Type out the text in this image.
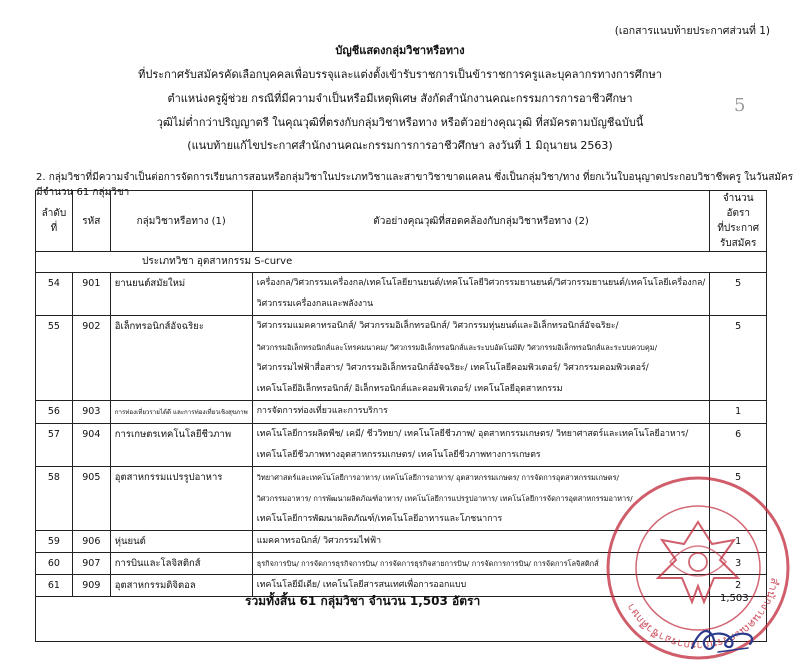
(เอกสารแนบท้ายประกาศส่วนที่ 1)
บัญชีแสดงกลุ่มวิชาหรือทาง
ที่ประกาศรับสมัครคัดเลือกบุคคลเพื่อบรรจุและแต่งตั้งเข้ารับราชการเป็นข้าราชการครูและบุคลากรทางการศึกษา
ตำแหน่งครูผู้ช่วย กรณีที่มีความจำเป็นหรือมีเหตุพิเศษ สังกัดสำนักงานคณะกรรมการการอาชีวศึกษา
วุฒิไม่ต่ำกว่าปริญญาตรี ในคุณวุฒิที่ตรงกับกลุ่มวิชาหรือทาง หรือตัวอย่างคุณวุฒิ ที่สมัครตามบัญชีฉบับนี้
(แนบท้ายแก้ไขประกาศสำนักงานคณะกรรมการการอาชีวศึกษา ลงวันที่ 1 มิถุนายน 2563)
5
2. กลุ่มวิชาที่มีความจำเป็นต่อการจัดการเรียนการสอนหรือกลุ่มวิชาในประเภทวิชาและสาขาวิชาขาดแคลน ซึ่งเป็นกลุ่มวิชา/ทาง ที่ยกเว้นใบอนุญาตประกอบวิชาชีพครู ในวันสมัคร มีจำนวน 61 กลุ่มวิชา
ลำดับที่	รหัส	กลุ่มวิชาหรือทาง (1)	ตัวอย่างคุณวุฒิที่สอดคล้องกับกลุ่มวิชาหรือทาง (2)	จำนวนอัตรา
ที่ประกาศรับสมัคร

ประเภทวิชา อุตสาหกรรม S-curve				

54	901	ยานยนต์สมัยใหม่	เครื่องกล/วิศวกรรมเครื่องกล/เทคโนโลยียานยนต์/เทคโนโลยีวิศวกรรมยานยนต์/วิศวกรรมยานยนต์/เทคโนโลยีเครื่องกล/
วิศวกรรมเครื่องกลและพลังงาน	5
55	902	อิเล็กทรอนิกส์อัจฉริยะ	วิศวกรรมแมคคาทรอนิกส์/ วิศวกรรมอิเล็กทรอนิกส์/ วิศวกรรมหุ่นยนต์และอิเล็กทรอนิกส์อัจฉริยะ/
วิศวกรรมอิเล็กทรอนิกส์และโทรคมนาคม/ วิศวกรรมอิเล็กทรอนิกส์และระบบอัตโนมัติ/ วิศวกรรมอิเล็กทรอนิกส์และระบบควบคุม/
วิศวกรรมไฟฟ้าสื่อสาร/ วิศวกรรมอิเล็กทรอนิกส์อัจฉริยะ/ เทคโนโลยีคอมพิวเตอร์/ วิศวกรรมคอมพิวเตอร์/
เทคโนโลยีอิเล็กทรอนิกส์/ อิเล็กทรอนิกส์และคอมพิวเตอร์/ เทคโนโลยีอุตสาหกรรม	5
56	903	การท่องเที่ยวรายได้ดี และการท่องเที่ยวเชิงสุขภาพ	การจัดการท่องเที่ยวและการบริการ	1
57	904	การเกษตรเทคโนโลยีชีวภาพ	เทคโนโลยีการผลิตพืช/ เคมี/ ชีววิทยา/ เทคโนโลยีชีวภาพ/ อุตสาหกรรมเกษตร/ วิทยาศาสตร์และเทคโนโลยีอาหาร/
เทคโนโลยีชีวภาพทางอุตสาหกรรมเกษตร/ เทคโนโลยีชีวภาพทางการเกษตร	6
58	905	อุตสาหกรรมแปรรูปอาหาร	วิทยาศาสตร์และเทคโนโลยีการอาหาร/ เทคโนโลยีการอาหาร/ อุตสาหกรรมเกษตร/ การจัดการอุตสาหกรรมเกษตร/
วิศวกรรมอาหาร/ การพัฒนาผลิตภัณฑ์อาหาร/ เทคโนโลยีการแปรรูปอาหาร/ เทคโนโลยีการจัดการอุตสาหกรรมอาหาร/
เทคโนโลยีการพัฒนาผลิตภัณฑ์/เทคโนโลยีอาหารและโภชนาการ	5
59	906	หุ่นยนต์	แมคคาทรอนิกส์/ วิศวกรรมไฟฟ้า	1
60	907	การบินและโลจิสติกส์	ธุรกิจการบิน/ การจัดการธุรกิจการบิน/ การจัดการธุรกิจสายการบิน/ การจัดการการบิน/ การจัดการโลจิสติกส์	3
61	909	อุตสาหกรรมดิจิตอล	เทคโนโลยีมีเดีย/ เทคโนโลยีสารสนเทศเพื่อการออกแบบ	2

รวมทั้งสิ้น 61 กลุ่มวิชา จำนวน 1,503 อัตรา	1,503
สำนักงานคณะกรรมการการอาชีวศึกษา
